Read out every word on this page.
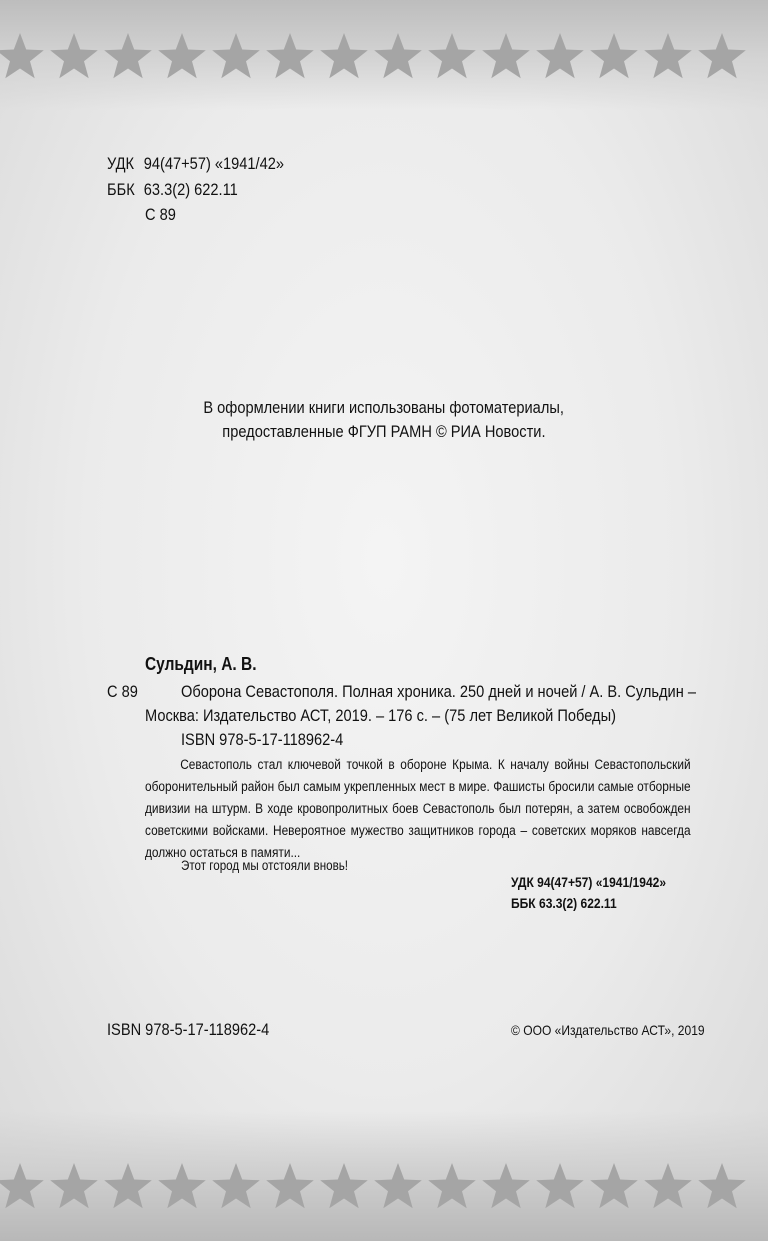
УДК 94(47+57) «1941/42»
ББК 63.3(2) 622.11
С 89
В оформлении книги использованы фотоматериалы,
предоставленные ФГУП РАМН © РИА Новости.
Сульдин, А. В.
С 89	Оборона Севастополя. Полная хроника. 250 дней и ночей / А. В. Сульдин –
Москва: Издательство АСТ, 2019. – 176 с. – (75 лет Великой Победы)
ISBN 978-5-17-118962-4

Севастополь стал ключевой точкой в обороне Крыма. К началу войны Севастопольский оборонительный район был самым укрепленных мест в мире. Фашисты бросили самые отборные дивизии на штурм. В ходе кровопролитных боев Севастополь был потерян, а затем освобожден советскими войсками. Невероятное мужество защитников города – советских моряков навсегда должно остаться в памяти...

Этот город мы отстояли вновь!
УДК 94(47+57) «1941/1942»
ББК 63.3(2) 622.11
ISBN 978-5-17-118962-4	© ООО «Издательство АСТ», 2019
